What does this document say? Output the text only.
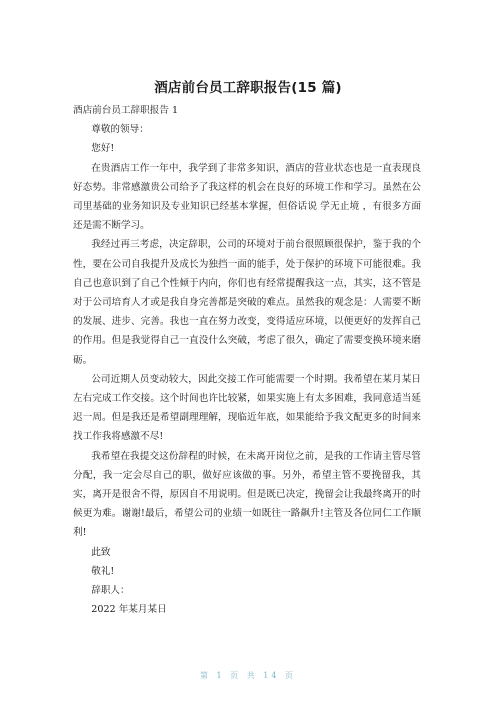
酒店前台员工辞职报告(15 篇)

酒店前台员工辞职报告 1

尊敬的领导：

您好!

在贵酒店工作一年中，我学到了非常多知识，酒店的营业状态也是一直表现良好态势。非常感激贵公司给予了我这样的机会在良好的环境工作和学习。虽然在公司里基础的业务知识及专业知识已经基本掌握，但俗话说 学无止境 ，有很多方面还是需不断学习。

我经过再三考虑，决定辞职，公司的环境对于前台很照顾很保护，鉴于我的个性，要在公司自我提升及成长为独挡一面的能手，处于保护的环境下可能很难。我自己也意识到了自己个性倾于内向，你们也有经常提醒我这一点，其实，这不管是对于公司培育人才或是我自身完善都是突破的难点。虽然我的观念是：人需要不断的发展、进步、完善。我也一直在努力改变，变得适应环境，以便更好的发挥自己的作用。但是我觉得自己一直没什么突破，考虑了很久，确定了需要变换环境来磨砺。

公司近期人员变动较大，因此交接工作可能需要一个时期。我希望在某月某日左右完成工作交接。这个时间也许比较紧，如果实施上有太多困难，我同意适当延迟一周。但是我还是希望副理理解，现临近年底，如果能给予我文配更多的时间来找工作我将感激不尽!

我希望在我提交这份辞程的时候，在未离开岗位之前，是我的工作请主管尽管分配，我一定会尽自己的职，做好应该做的事。另外，希望主管不要挽留我，其实，离开是很舍不得，原因自不用说明。但是既已决定，挽留会让我最终离开的时候更为难。谢谢!最后，希望公司的业绩一如既往一路飙升!主管及各位同仁工作顺利!

此致

敬礼!

辞职人：

2022 年某月某日

第 1 页 共 14 页
